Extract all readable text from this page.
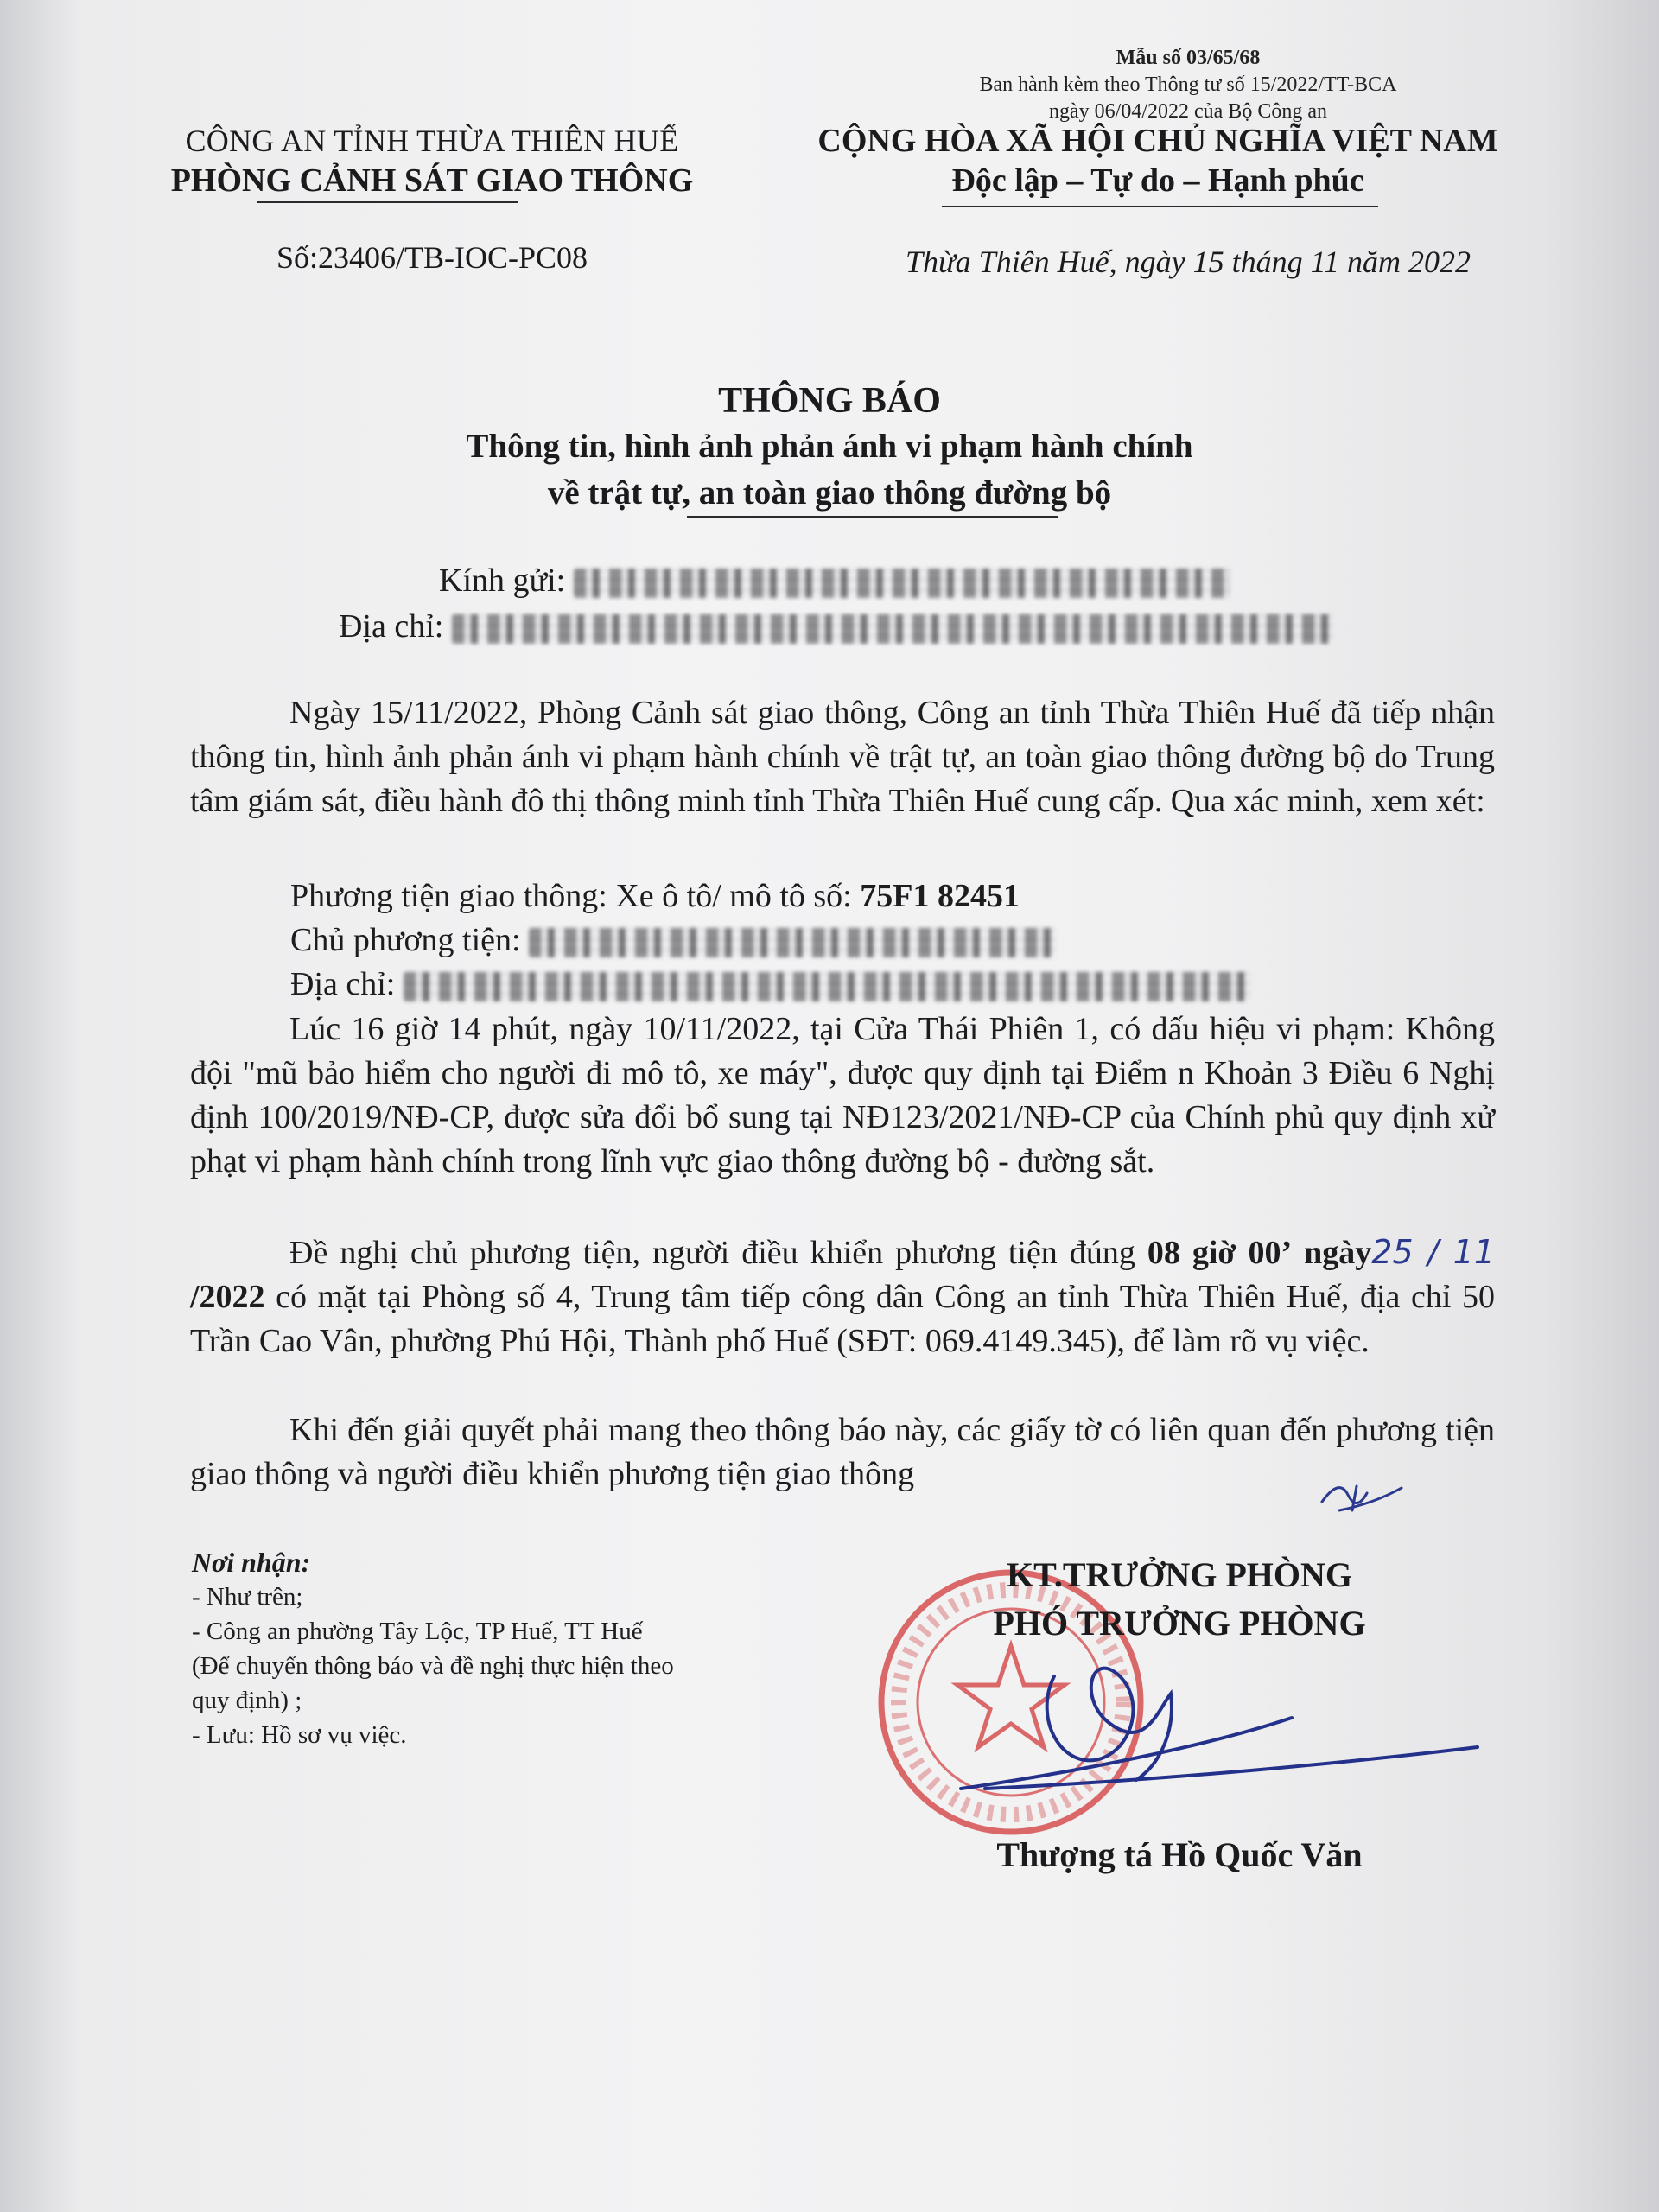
Mẫu số 03/65/68
Ban hành kèm theo Thông tư số 15/2022/TT-BCA
ngày 06/04/2022 của Bộ Công an
CÔNG AN TỈNH THỪA THIÊN HUẾ
PHÒNG CẢNH SÁT GIAO THÔNG
Số:23406/TB-IOC-PC08
CỘNG HÒA XÃ HỘI CHỦ NGHĨA VIỆT NAM
Độc lập – Tự do – Hạnh phúc
Thừa Thiên Huế, ngày 15 tháng 11 năm 2022
THÔNG BÁO
Thông tin, hình ảnh phản ánh vi phạm hành chính
về trật tự, an toàn giao thông đường bộ
Kính gửi:
Địa chỉ:
Ngày 15/11/2022, Phòng Cảnh sát giao thông, Công an tỉnh Thừa Thiên Huế đã tiếp nhận thông tin, hình ảnh phản ánh vi phạm hành chính về trật tự, an toàn giao thông đường bộ do Trung tâm giám sát, điều hành đô thị thông minh tỉnh Thừa Thiên Huế cung cấp. Qua xác minh, xem xét:
Phương tiện giao thông: Xe ô tô/ mô tô số: 75F1 82451
Chủ phương tiện:
Địa chỉ:
Lúc 16 giờ 14 phút, ngày 10/11/2022, tại Cửa Thái Phiên 1, có dấu hiệu vi phạm: Không đội "mũ bảo hiểm cho người đi mô tô, xe máy", được quy định tại Điểm n Khoản 3 Điều 6 Nghị định 100/2019/NĐ-CP, được sửa đổi bổ sung tại NĐ123/2021/NĐ-CP của Chính phủ quy định xử phạt vi phạm hành chính trong lĩnh vực giao thông đường bộ - đường sắt.
Đề nghị chủ phương tiện, người điều khiển phương tiện đúng 08 giờ 00’ ngày25 / 11 /2022 có mặt tại Phòng số 4, Trung tâm tiếp công dân Công an tỉnh Thừa Thiên Huế, địa chỉ 50 Trần Cao Vân, phường Phú Hội, Thành phố Huế (SĐT: 069.4149.345), để làm rõ vụ việc.
Khi đến giải quyết phải mang theo thông báo này, các giấy tờ có liên quan đến phương tiện giao thông và người điều khiển phương tiện giao thông
Nơi nhận:
- Như trên;
- Công an phường Tây Lộc, TP Huế, TT Huế
(Để chuyển thông báo và đề nghị thực hiện theo
quy định) ;
- Lưu: Hồ sơ vụ việc.
KT.TRƯỞNG PHÒNG
PHÓ TRƯỞNG PHÒNG
Thượng tá Hồ Quốc Văn
